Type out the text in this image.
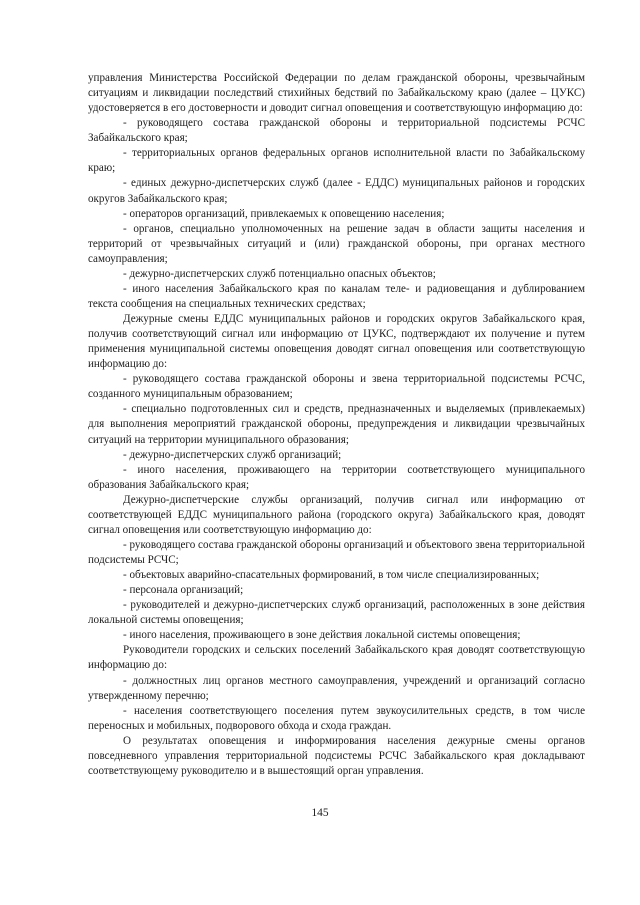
управления Министерства Российской Федерации по делам гражданской обороны, чрезвычайным ситуациям и ликвидации последствий стихийных бедствий по Забайкальскому краю (далее – ЦУКС) удостоверяется в его достоверности и доводит сигнал оповещения и соответствующую информацию до:

- руководящего состава гражданской обороны и территориальной подсистемы РСЧС Забайкальского края;

- территориальных органов федеральных органов исполнительной власти по Забайкальскому краю;

- единых дежурно-диспетчерских служб (далее - ЕДДС) муниципальных районов и городских округов Забайкальского края;

- операторов организаций, привлекаемых к оповещению населения;

- органов, специально уполномоченных на решение задач в области защиты населения и территорий от чрезвычайных ситуаций и (или) гражданской обороны, при органах местного самоуправления;

- дежурно-диспетчерских служб потенциально опасных объектов;

- иного населения Забайкальского края по каналам теле- и радиовещания и дублированием текста сообщения на специальных технических средствах;

Дежурные смены ЕДДС муниципальных районов и городских округов Забайкальского края, получив соответствующий сигнал или информацию от ЦУКС, подтверждают их получение и путем применения муниципальной системы оповещения доводят сигнал оповещения или соответствующую информацию до:

- руководящего состава гражданской обороны и звена территориальной подсистемы РСЧС, созданного муниципальным образованием;

- специально подготовленных сил и средств, предназначенных и выделяемых (привлекаемых) для выполнения мероприятий гражданской обороны, предупреждения и ликвидации чрезвычайных ситуаций на территории муниципального образования;

- дежурно-диспетчерских служб организаций;

- иного населения, проживающего на территории соответствующего муниципального образования Забайкальского края;

Дежурно-диспетчерские службы организаций, получив сигнал или информацию от соответствующей ЕДДС муниципального района (городского округа) Забайкальского края, доводят сигнал оповещения или соответствующую информацию до:

- руководящего состава гражданской обороны организаций и объектового звена территориальной подсистемы РСЧС;

- объектовых аварийно-спасательных формирований, в том числе специализированных;

- персонала организаций;

- руководителей и дежурно-диспетчерских служб организаций, расположенных в зоне действия локальной системы оповещения;

- иного населения, проживающего в зоне действия локальной системы оповещения;

Руководители городских и сельских поселений Забайкальского края доводят соответствующую информацию до:

- должностных лиц органов местного самоуправления, учреждений и организаций согласно утвержденному перечню;

- населения соответствующего поселения путем звукоусилительных средств, в том числе переносных и мобильных, подворового обхода и схода граждан.

О результатах оповещения и информирования населения дежурные смены органов повседневного управления территориальной подсистемы РСЧС Забайкальского края докладывают соответствующему руководителю и в вышестоящий орган управления.

145
